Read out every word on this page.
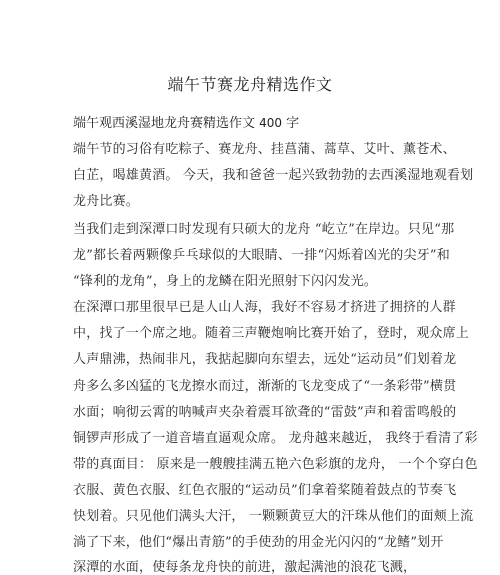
端午节赛龙舟精选作文
端午观西溪湿地龙舟赛精选作文 400 字
端午节的习俗有吃粽子、赛龙舟、挂菖蒲、蒿草、艾叶、薰苍术、
白芷，喝雄黄酒。 今天，我和爸爸一起兴致勃勃的去西溪湿地观看划
龙舟比赛。
当我们走到深潭口时发现有只硕大的龙舟 “屹立”在岸边。只见“那
龙”都长着两颗像乒乓球似的大眼睛、一排“闪烁着凶光的尖牙”和
“锋利的龙角”，身上的龙鳞在阳光照射下闪闪发光。
在深潭口那里很早已是人山人海，我好不容易才挤进了拥挤的人群
中，找了一个席之地。随着三声鞭炮响比赛开始了，登时，观众席上
人声鼎沸，热闹非凡，我掂起脚向东望去，远处“运动员”们划着龙
舟多么多凶猛的飞龙擦水而过，渐渐的飞龙变成了“一条彩带”横贯
水面；响彻云霄的呐喊声夹杂着震耳欲聋的“雷鼓”声和着雷鸣般的
铜锣声形成了一道音墙直逼观众席。 龙舟越来越近， 我终于看清了彩
带的真面目： 原来是一艘艘挂满五艳六色彩旗的龙舟， 一个个穿白色
衣服、黄色衣服、红色衣服的“运动员”们拿着桨随着鼓点的节奏飞
快划着。只见他们满头大汗， 一颗颗黄豆大的汗珠从他们的面颊上流
淌了下来，他们“爆出青筋”的手使劲的用金光闪闪的“龙鳍”划开
深潭的水面，使每条龙舟快的前进，激起满池的浪花飞溅，
